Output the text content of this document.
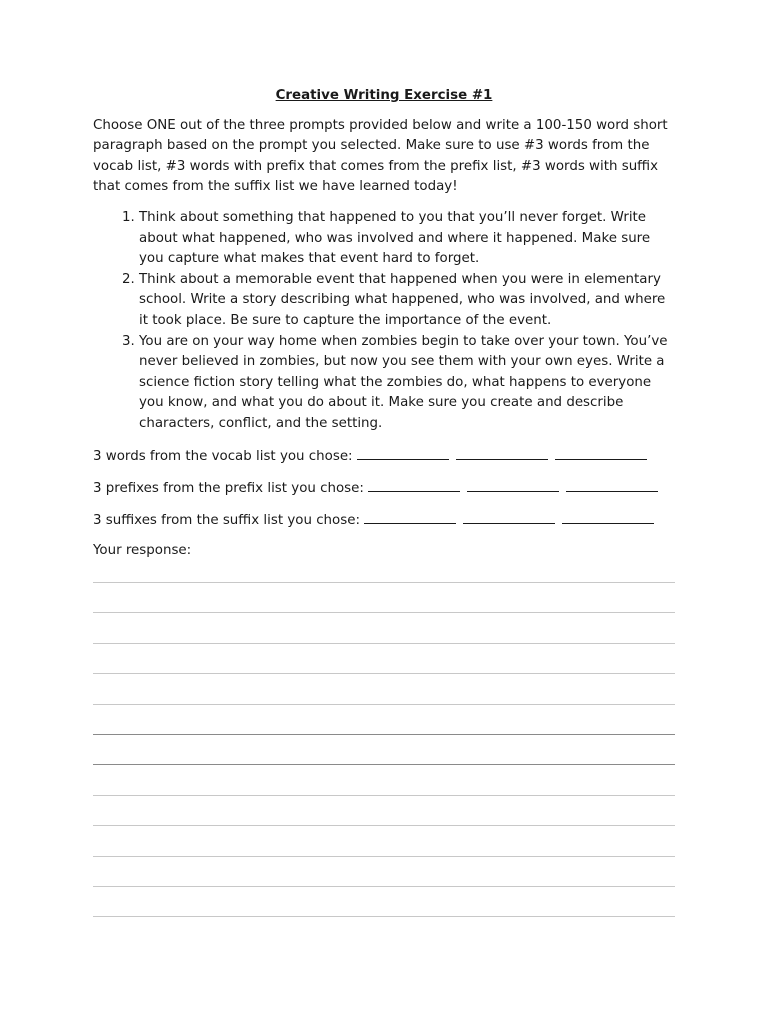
Creative Writing Exercise #1
Choose ONE out of the three prompts provided below and write a 100-150 word short paragraph based on the prompt you selected. Make sure to use #3 words from the vocab list, #3 words with prefix that comes from the prefix list, #3 words with suffix that comes from the suffix list we have learned today!
1. Think about something that happened to you that you’ll never forget. Write about what happened, who was involved and where it happened. Make sure you capture what makes that event hard to forget.
2. Think about a memorable event that happened when you were in elementary school. Write a story describing what happened, who was involved, and where it took place. Be sure to capture the importance of the event.
3. You are on your way home when zombies begin to take over your town. You’ve never believed in zombies, but now you see them with your own eyes. Write a science fiction story telling what the zombies do, what happens to everyone you know, and what you do about it. Make sure you create and describe characters, conflict, and the setting.
3 words from the vocab list you chose:
3 prefixes from the prefix list you chose:
3 suffixes from the suffix list you chose:
Your response:
